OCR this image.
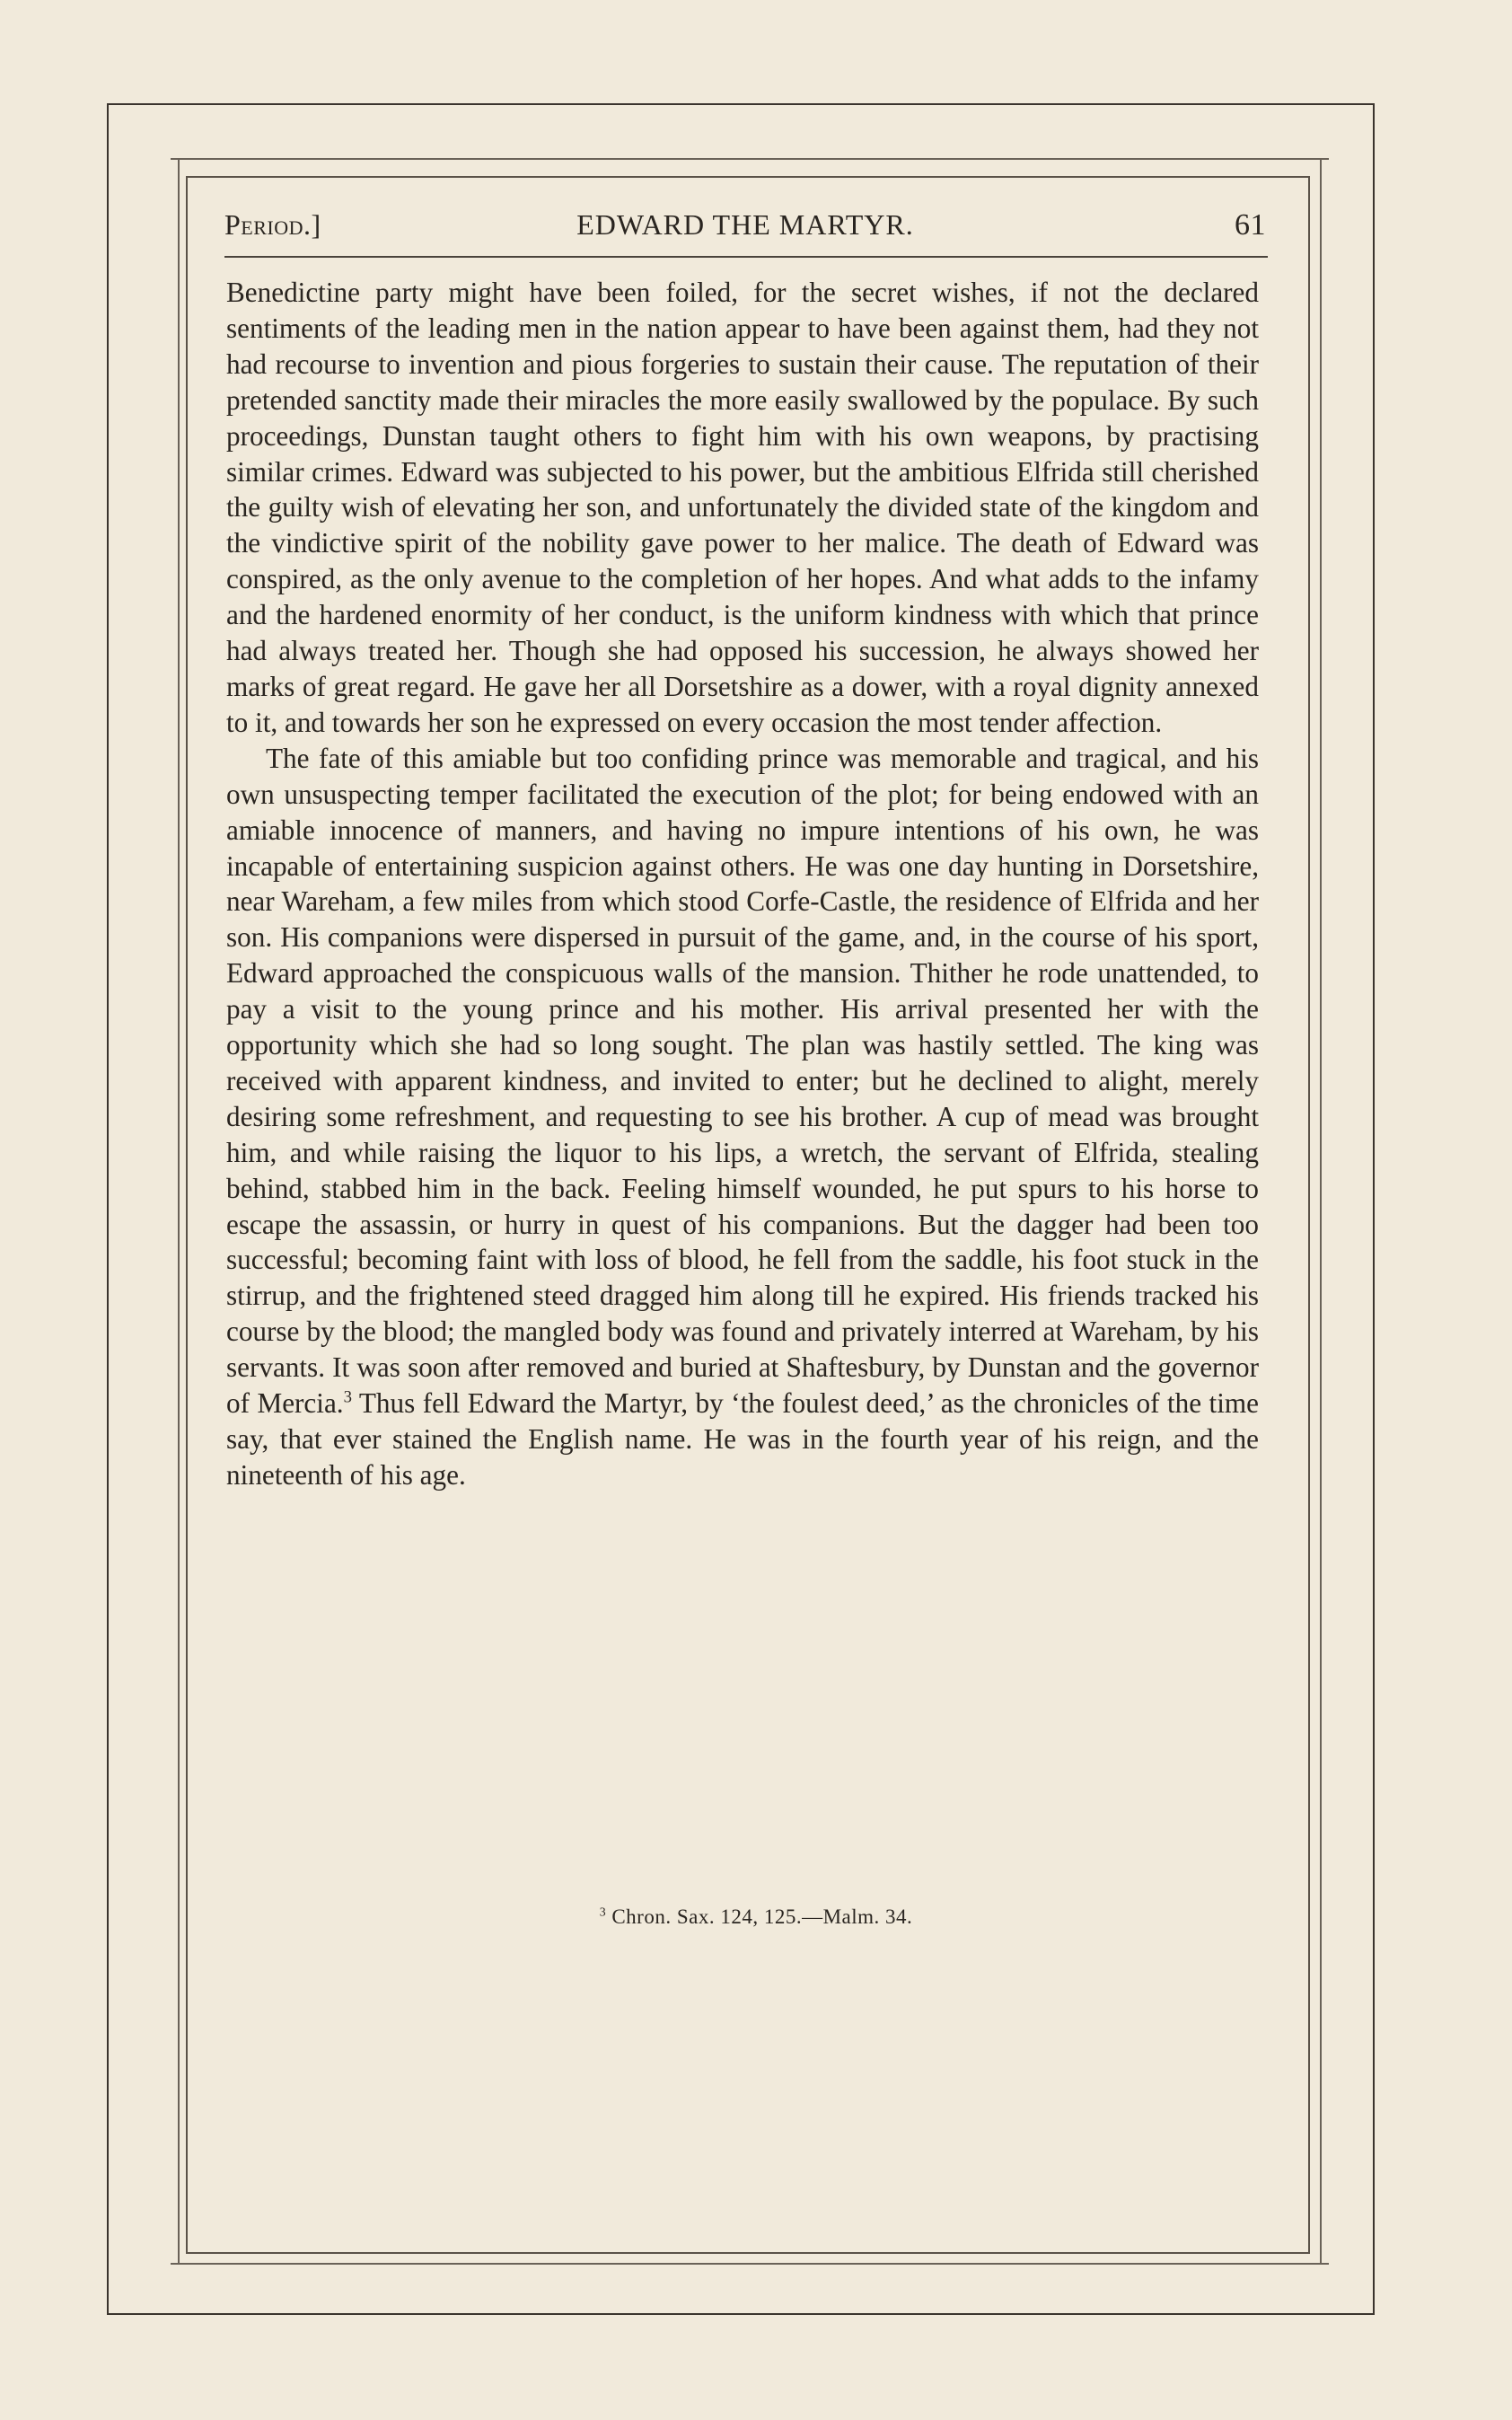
Period.]	EDWARD THE MARTYR.	61

Benedictine party might have been foiled, for the secret wishes, if not the declared sentiments of the leading men in the nation appear to have been against them, had they not had recourse to invention and pious forgeries to sustain their cause. The reputation of their pretended sanctity made their miracles the more easily swallowed by the populace. By such proceedings, Dunstan taught others to fight him with his own weapons, by practising similar crimes. Edward was subjected to his power, but the ambitious Elfrida still cherished the guilty wish of elevating her son, and unfortunately the divided state of the kingdom and the vindictive spirit of the nobility gave power to her malice. The death of Edward was conspired, as the only avenue to the completion of her hopes. And what adds to the infamy and the hardened enormity of her conduct, is the uniform kindness with which that prince had always treated her. Though she had opposed his succession, he always showed her marks of great regard. He gave her all Dorsetshire as a dower, with a royal dignity annexed to it, and towards her son he expressed on every occasion the most tender affection.

The fate of this amiable but too confiding prince was memorable and tragical, and his own unsuspecting temper facilitated the execution of the plot; for being endowed with an amiable innocence of manners, and having no impure intentions of his own, he was incapable of entertaining suspicion against others. He was one day hunting in Dorsetshire, near Wareham, a few miles from which stood Corfe-Castle, the residence of Elfrida and her son. His companions were dispersed in pursuit of the game, and, in the course of his sport, Edward approached the conspicuous walls of the mansion. Thither he rode unattended, to pay a visit to the young prince and his mother. His arrival presented her with the opportunity which she had so long sought. The plan was hastily settled. The king was received with apparent kindness, and invited to enter; but he declined to alight, merely desiring some refreshment, and requesting to see his brother. A cup of mead was brought him, and while raising the liquor to his lips, a wretch, the servant of Elfrida, stealing behind, stabbed him in the back. Feeling himself wounded, he put spurs to his horse to escape the assassin, or hurry in quest of his companions. But the dagger had been too successful; becoming faint with loss of blood, he fell from the saddle, his foot stuck in the stirrup, and the frightened steed dragged him along till he expired. His friends tracked his course by the blood; the mangled body was found and privately interred at Wareham, by his servants. It was soon after removed and buried at Shaftesbury, by Dunstan and the governor of Mercia.$^3$ Thus fell Edward the Martyr, by ‘the foulest deed,’ as the chronicles of the time say, that ever stained the English name. He was in the fourth year of his reign, and the nineteenth of his age.

$^3$ Chron. Sax. 124, 125.—Malm. 34.
